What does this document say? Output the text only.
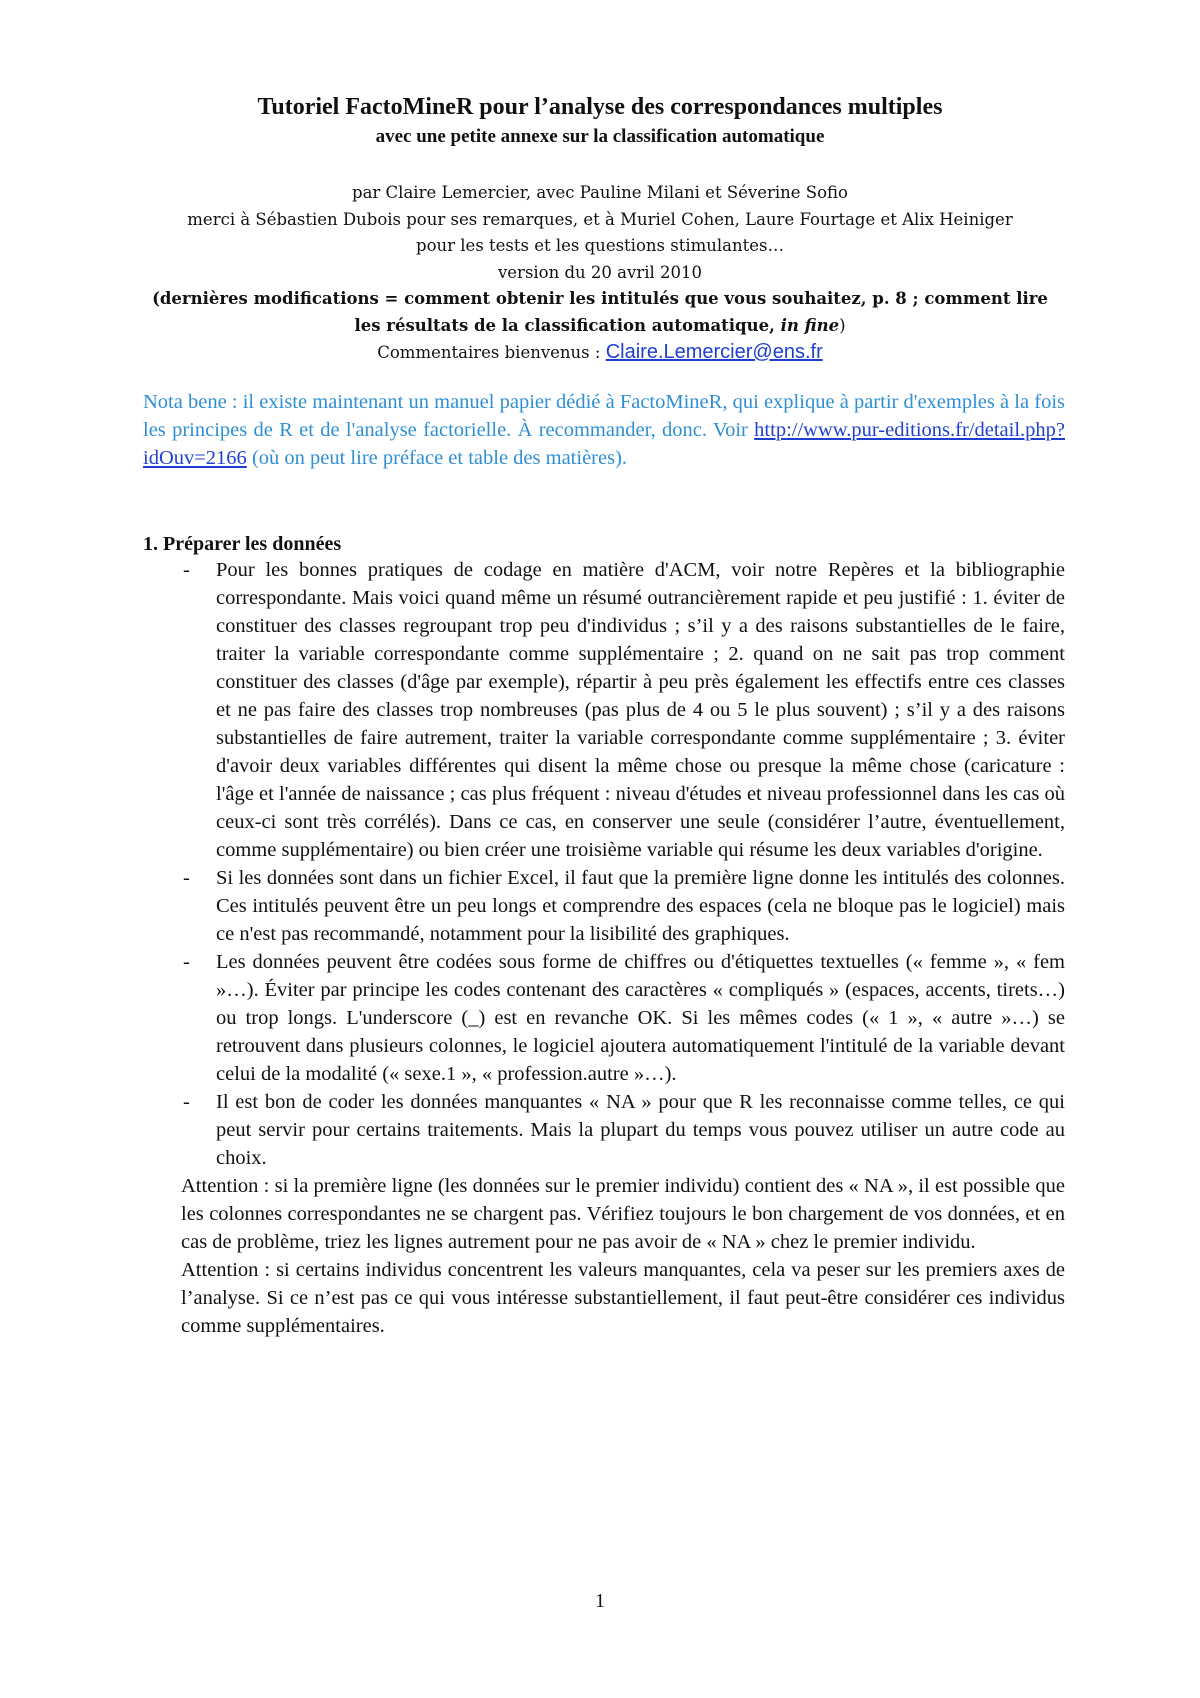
Tutoriel FactoMineR pour l’analyse des correspondances multiples
avec une petite annexe sur la classification automatique
par Claire Lemercier, avec Pauline Milani et Séverine Sofio
merci à Sébastien Dubois pour ses remarques, et à Muriel Cohen, Laure Fourtage et Alix Heiniger
pour les tests et les questions stimulantes…
version du 20 avril 2010
(dernières modifications = comment obtenir les intitulés que vous souhaitez, p. 8 ; comment lire
les résultats de la classification automatique, in fine)
Commentaires bienvenus : Claire.Lemercier@ens.fr
Nota bene : il existe maintenant un manuel papier dédié à FactoMineR, qui explique à partir d'exemples à la fois les principes de R et de l'analyse factorielle. À recommander, donc. Voir http://www.pur-editions.fr/detail.php?idOuv=2166 (où on peut lire préface et table des matières).
1. Préparer les données
- Pour les bonnes pratiques de codage en matière d'ACM, voir notre Repères et la bibliographie correspondante. Mais voici quand même un résumé outrancièrement rapide et peu justifié : 1. éviter de constituer des classes regroupant trop peu d'individus ; s’il y a des raisons substantielles de le faire, traiter la variable correspondante comme supplémentaire ; 2. quand on ne sait pas trop comment constituer des classes (d'âge par exemple), répartir à peu près également les effectifs entre ces classes et ne pas faire des classes trop nombreuses (pas plus de 4 ou 5 le plus souvent) ; s’il y a des raisons substantielles de faire autrement, traiter la variable correspondante comme supplémentaire ; 3. éviter d'avoir deux variables différentes qui disent la même chose ou presque la même chose (caricature : l'âge et l'année de naissance ; cas plus fréquent : niveau d'études et niveau professionnel dans les cas où ceux-ci sont très corrélés). Dans ce cas, en conserver une seule (considérer l’autre, éventuellement, comme supplémentaire) ou bien créer une troisième variable qui résume les deux variables d'origine.
- Si les données sont dans un fichier Excel, il faut que la première ligne donne les intitulés des colonnes. Ces intitulés peuvent être un peu longs et comprendre des espaces (cela ne bloque pas le logiciel) mais ce n'est pas recommandé, notamment pour la lisibilité des graphiques.
- Les données peuvent être codées sous forme de chiffres ou d'étiquettes textuelles (« femme », « fem »…). Éviter par principe les codes contenant des caractères « compliqués » (espaces, accents, tirets…) ou trop longs. L'underscore (_) est en revanche OK. Si les mêmes codes (« 1 », « autre »…) se retrouvent dans plusieurs colonnes, le logiciel ajoutera automatiquement l'intitulé de la variable devant celui de la modalité (« sexe.1 », « profession.autre »…).
- Il est bon de coder les données manquantes « NA » pour que R les reconnaisse comme telles, ce qui peut servir pour certains traitements. Mais la plupart du temps vous pouvez utiliser un autre code au choix.
Attention : si la première ligne (les données sur le premier individu) contient des « NA », il est possible que les colonnes correspondantes ne se chargent pas. Vérifiez toujours le bon chargement de vos données, et en cas de problème, triez les lignes autrement pour ne pas avoir de « NA » chez le premier individu.
Attention : si certains individus concentrent les valeurs manquantes, cela va peser sur les premiers axes de l’analyse. Si ce n’est pas ce qui vous intéresse substantiellement, il faut peut-être considérer ces individus comme supplémentaires.
1
